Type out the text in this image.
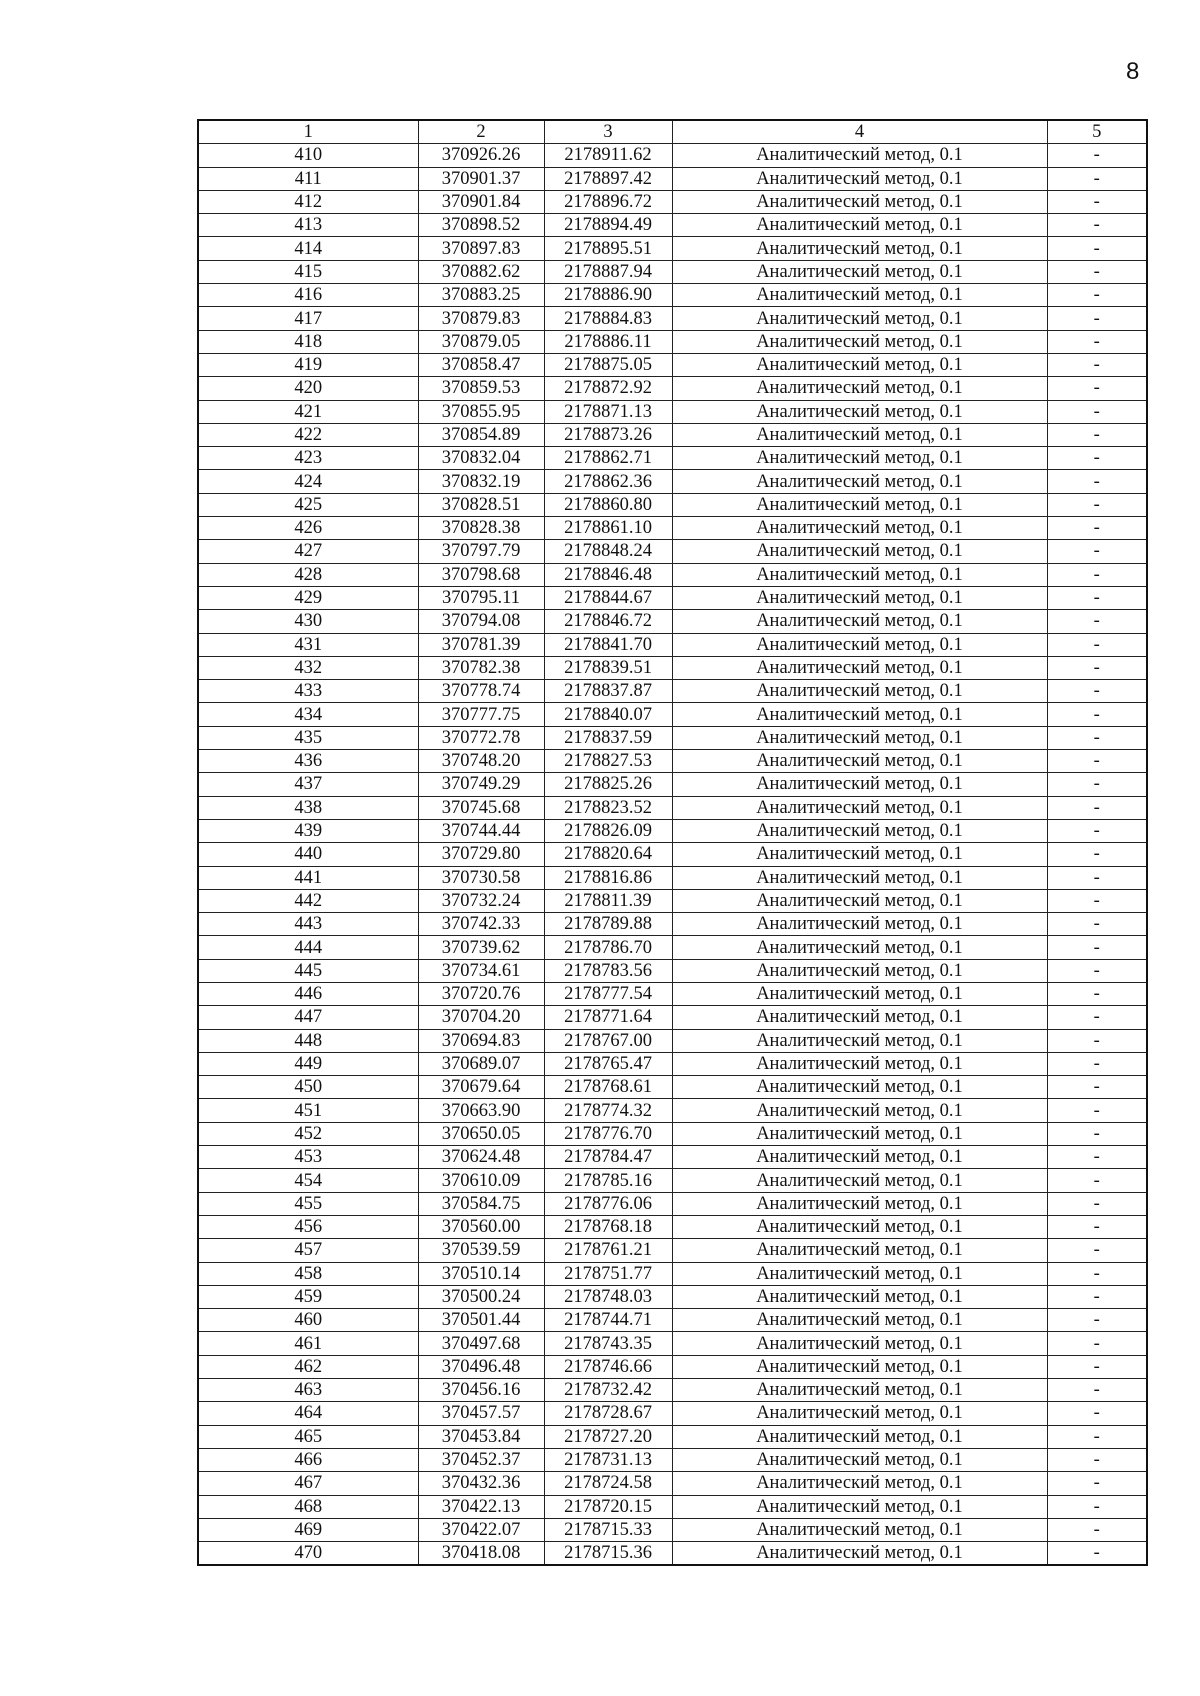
8
1	2	3	4	5
410	370926.26	2178911.62	Аналитический метод, 0.1	-
411	370901.37	2178897.42	Аналитический метод, 0.1	-
412	370901.84	2178896.72	Аналитический метод, 0.1	-
413	370898.52	2178894.49	Аналитический метод, 0.1	-
414	370897.83	2178895.51	Аналитический метод, 0.1	-
415	370882.62	2178887.94	Аналитический метод, 0.1	-
416	370883.25	2178886.90	Аналитический метод, 0.1	-
417	370879.83	2178884.83	Аналитический метод, 0.1	-
418	370879.05	2178886.11	Аналитический метод, 0.1	-
419	370858.47	2178875.05	Аналитический метод, 0.1	-
420	370859.53	2178872.92	Аналитический метод, 0.1	-
421	370855.95	2178871.13	Аналитический метод, 0.1	-
422	370854.89	2178873.26	Аналитический метод, 0.1	-
423	370832.04	2178862.71	Аналитический метод, 0.1	-
424	370832.19	2178862.36	Аналитический метод, 0.1	-
425	370828.51	2178860.80	Аналитический метод, 0.1	-
426	370828.38	2178861.10	Аналитический метод, 0.1	-
427	370797.79	2178848.24	Аналитический метод, 0.1	-
428	370798.68	2178846.48	Аналитический метод, 0.1	-
429	370795.11	2178844.67	Аналитический метод, 0.1	-
430	370794.08	2178846.72	Аналитический метод, 0.1	-
431	370781.39	2178841.70	Аналитический метод, 0.1	-
432	370782.38	2178839.51	Аналитический метод, 0.1	-
433	370778.74	2178837.87	Аналитический метод, 0.1	-
434	370777.75	2178840.07	Аналитический метод, 0.1	-
435	370772.78	2178837.59	Аналитический метод, 0.1	-
436	370748.20	2178827.53	Аналитический метод, 0.1	-
437	370749.29	2178825.26	Аналитический метод, 0.1	-
438	370745.68	2178823.52	Аналитический метод, 0.1	-
439	370744.44	2178826.09	Аналитический метод, 0.1	-
440	370729.80	2178820.64	Аналитический метод, 0.1	-
441	370730.58	2178816.86	Аналитический метод, 0.1	-
442	370732.24	2178811.39	Аналитический метод, 0.1	-
443	370742.33	2178789.88	Аналитический метод, 0.1	-
444	370739.62	2178786.70	Аналитический метод, 0.1	-
445	370734.61	2178783.56	Аналитический метод, 0.1	-
446	370720.76	2178777.54	Аналитический метод, 0.1	-
447	370704.20	2178771.64	Аналитический метод, 0.1	-
448	370694.83	2178767.00	Аналитический метод, 0.1	-
449	370689.07	2178765.47	Аналитический метод, 0.1	-
450	370679.64	2178768.61	Аналитический метод, 0.1	-
451	370663.90	2178774.32	Аналитический метод, 0.1	-
452	370650.05	2178776.70	Аналитический метод, 0.1	-
453	370624.48	2178784.47	Аналитический метод, 0.1	-
454	370610.09	2178785.16	Аналитический метод, 0.1	-
455	370584.75	2178776.06	Аналитический метод, 0.1	-
456	370560.00	2178768.18	Аналитический метод, 0.1	-
457	370539.59	2178761.21	Аналитический метод, 0.1	-
458	370510.14	2178751.77	Аналитический метод, 0.1	-
459	370500.24	2178748.03	Аналитический метод, 0.1	-
460	370501.44	2178744.71	Аналитический метод, 0.1	-
461	370497.68	2178743.35	Аналитический метод, 0.1	-
462	370496.48	2178746.66	Аналитический метод, 0.1	-
463	370456.16	2178732.42	Аналитический метод, 0.1	-
464	370457.57	2178728.67	Аналитический метод, 0.1	-
465	370453.84	2178727.20	Аналитический метод, 0.1	-
466	370452.37	2178731.13	Аналитический метод, 0.1	-
467	370432.36	2178724.58	Аналитический метод, 0.1	-
468	370422.13	2178720.15	Аналитический метод, 0.1	-
469	370422.07	2178715.33	Аналитический метод, 0.1	-
470	370418.08	2178715.36	Аналитический метод, 0.1	-
